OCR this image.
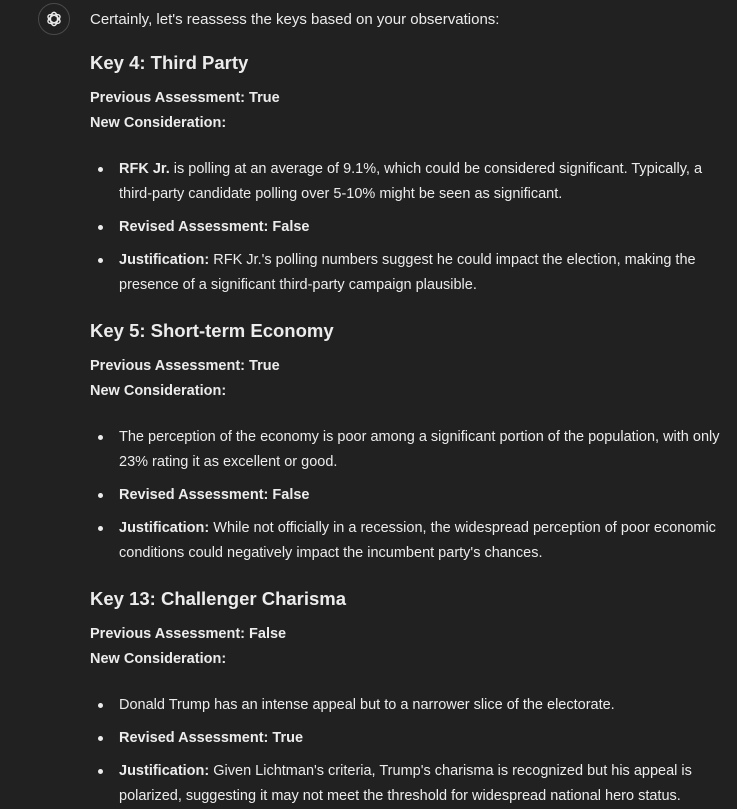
Certainly, let's reassess the keys based on your observations:

Key 4: Third Party
Previous Assessment: True
New Consideration:
RFK Jr. is polling at an average of 9.1%, which could be considered significant. Typically, a third-party candidate polling over 5-10% might be seen as significant.
Revised Assessment: False
Justification: RFK Jr.'s polling numbers suggest he could impact the election, making the presence of a significant third-party campaign plausible.
Key 5: Short-term Economy
Previous Assessment: True
New Consideration:
The perception of the economy is poor among a significant portion of the population, with only 23% rating it as excellent or good.
Revised Assessment: False
Justification: While not officially in a recession, the widespread perception of poor economic conditions could negatively impact the incumbent party's chances.
Key 13: Challenger Charisma
Previous Assessment: False
New Consideration:
Donald Trump has an intense appeal but to a narrower slice of the electorate.
Revised Assessment: True
Justification: Given Lichtman's criteria, Trump's charisma is recognized but his appeal is polarized, suggesting it may not meet the threshold for widespread national hero status.
